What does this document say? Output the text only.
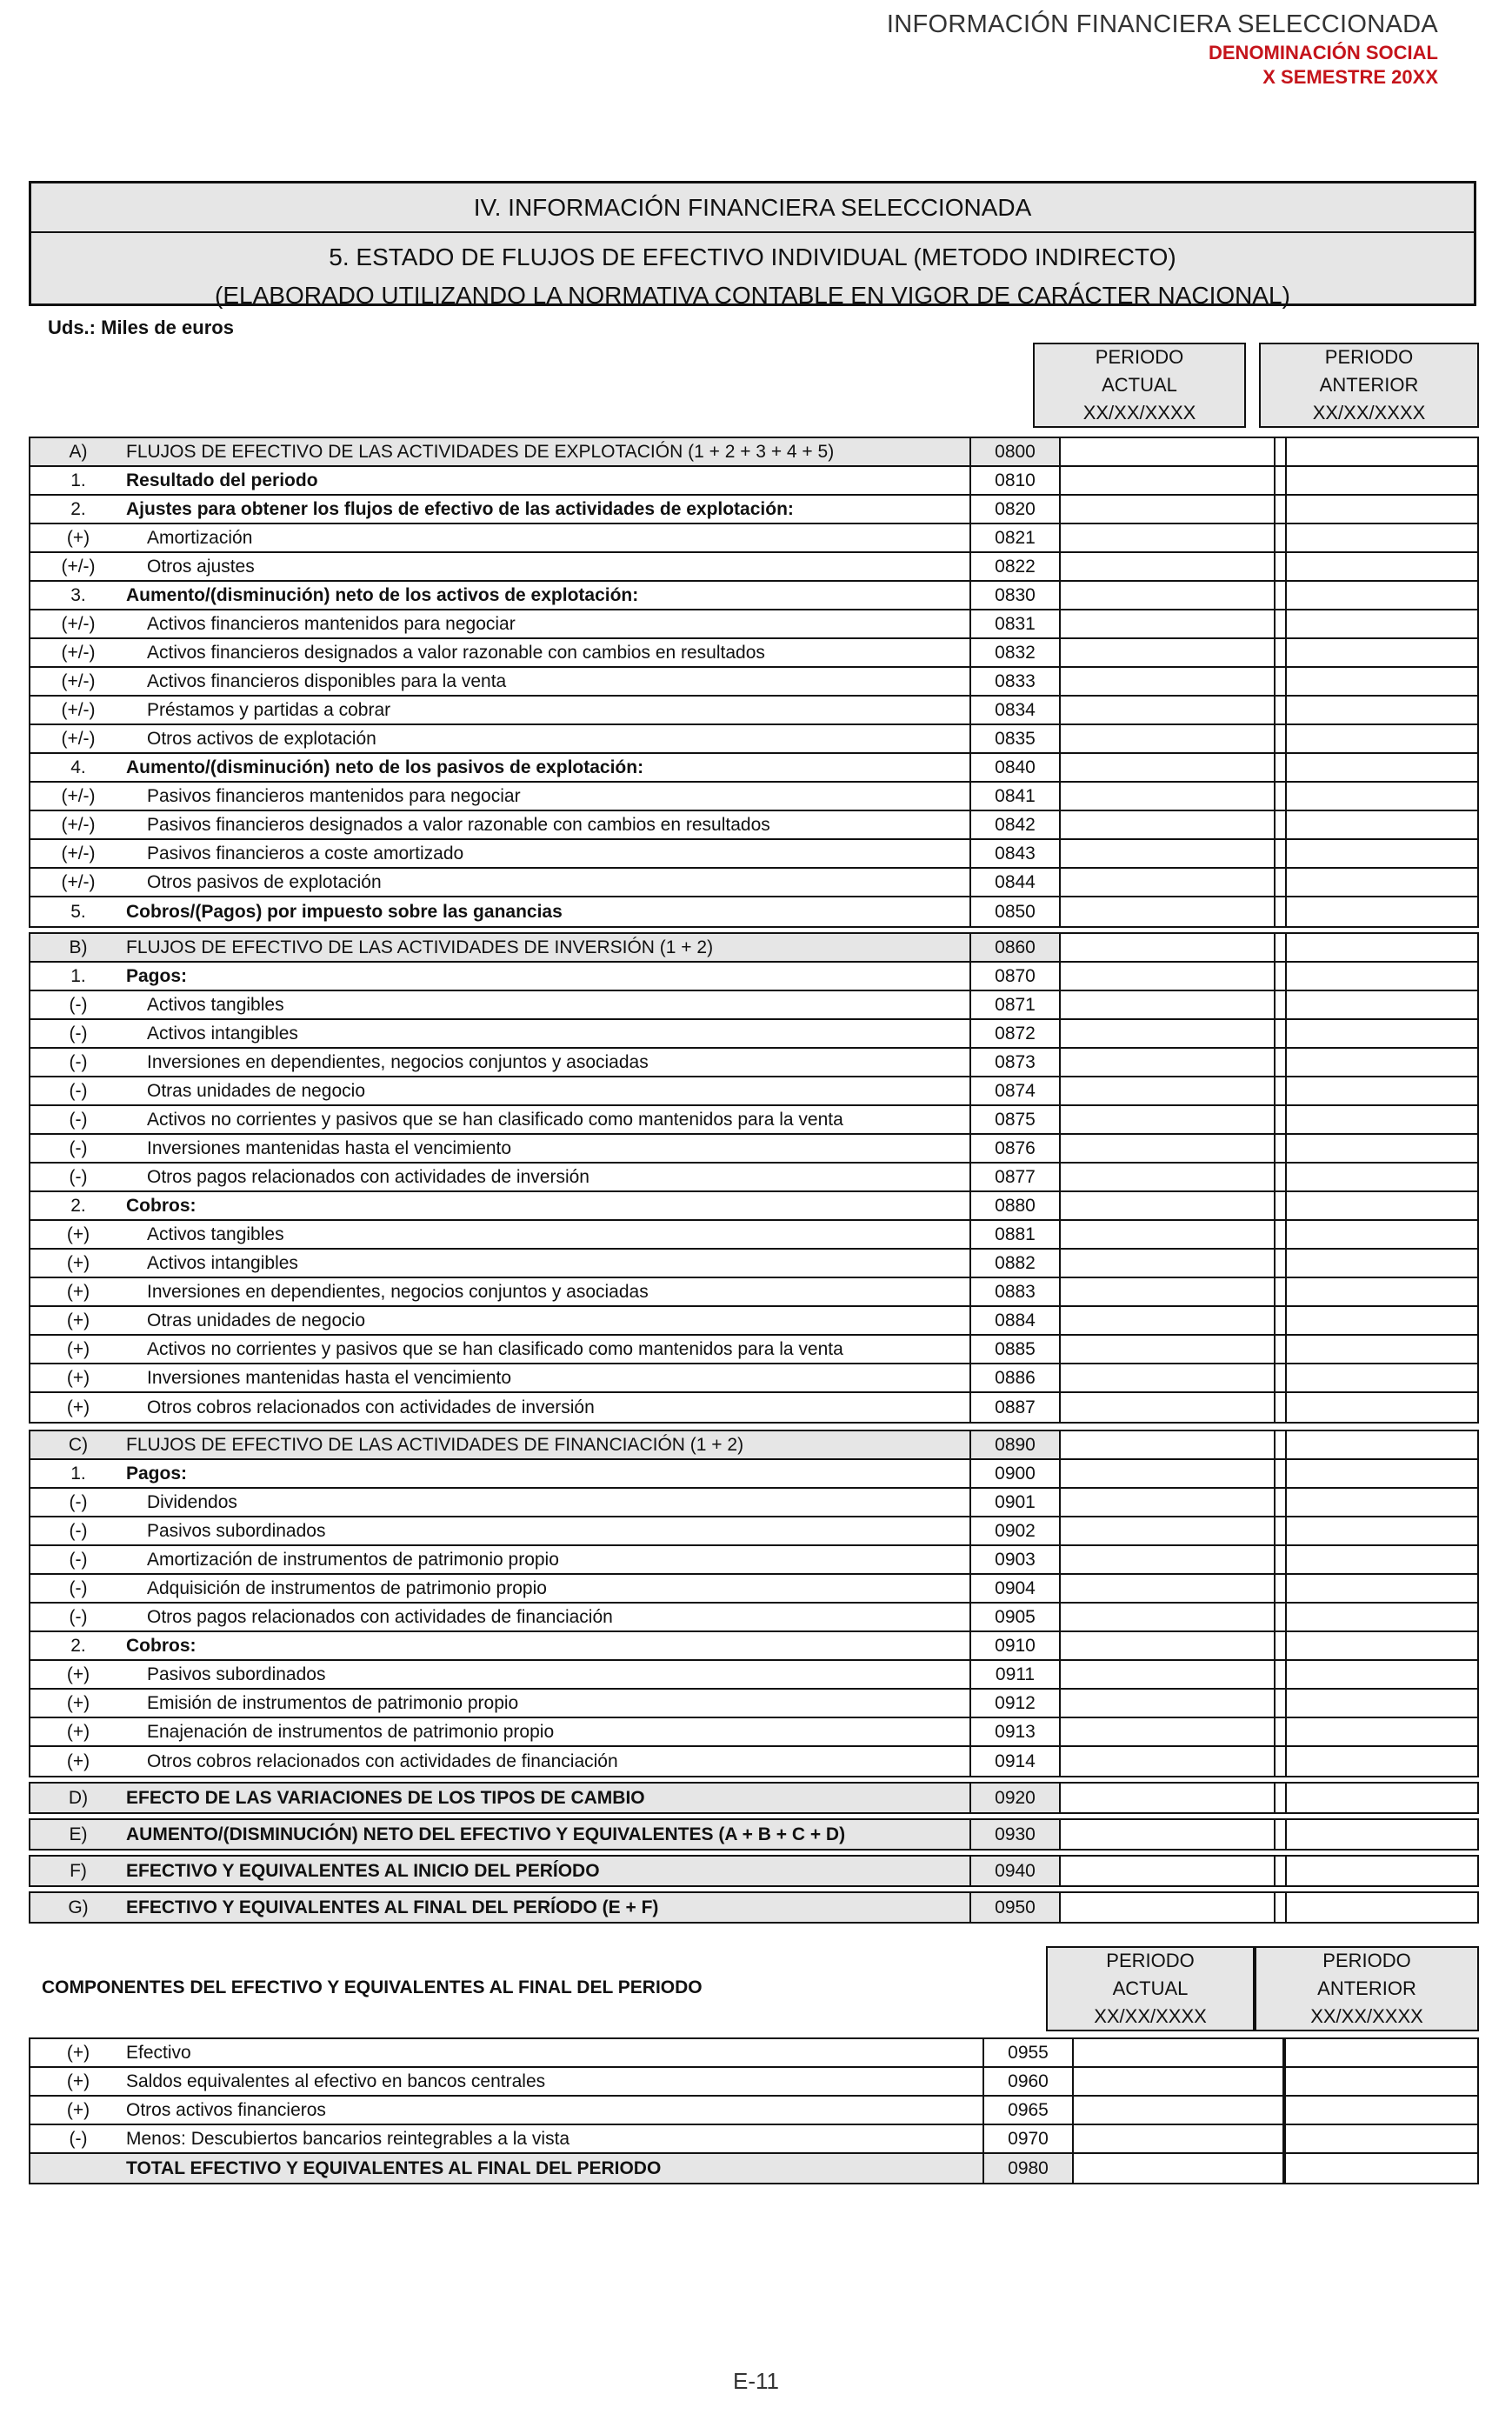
INFORMACIÓN FINANCIERA SELECCIONADA
DENOMINACIÓN SOCIAL
X SEMESTRE 20XX
IV. INFORMACIÓN FINANCIERA SELECCIONADA
5. ESTADO DE FLUJOS DE EFECTIVO INDIVIDUAL (METODO INDIRECTO)
(ELABORADO UTILIZANDO LA NORMATIVA CONTABLE EN VIGOR DE CARÁCTER NACIONAL)
Uds.: Miles de euros
PERIODO
ACTUAL
XX/XX/XXXX
PERIODO
ANTERIOR
XX/XX/XXXX
A)	FLUJOS DE EFECTIVO DE LAS ACTIVIDADES DE EXPLOTACIÓN (1 + 2 + 3 + 4 + 5)	0800
1.	Resultado del periodo	0810
2.	Ajustes para obtener los flujos de efectivo de las actividades de explotación:	0820
(+)	Amortización	0821
(+/-)	Otros ajustes	0822
3.	Aumento/(disminución) neto de los activos de explotación:	0830
(+/-)	Activos financieros mantenidos para negociar	0831
(+/-)	Activos financieros designados a valor razonable con cambios en resultados	0832
(+/-)	Activos financieros disponibles para la venta	0833
(+/-)	Préstamos y partidas a cobrar	0834
(+/-)	Otros activos de explotación	0835
4.	Aumento/(disminución) neto de los pasivos de explotación:	0840
(+/-)	Pasivos financieros mantenidos para negociar	0841
(+/-)	Pasivos financieros designados a valor razonable con cambios en resultados	0842
(+/-)	Pasivos financieros a coste amortizado	0843
(+/-)	Otros pasivos de explotación	0844
5.	Cobros/(Pagos) por impuesto sobre las ganancias	0850
B)	FLUJOS DE EFECTIVO DE LAS ACTIVIDADES DE INVERSIÓN (1 + 2)	0860
1.	Pagos:	0870
(-)	Activos tangibles	0871
(-)	Activos intangibles	0872
(-)	Inversiones en dependientes, negocios conjuntos y asociadas	0873
(-)	Otras unidades de negocio	0874
(-)	Activos no corrientes y pasivos que se han clasificado como mantenidos para la venta	0875
(-)	Inversiones mantenidas hasta el vencimiento	0876
(-)	Otros pagos relacionados con actividades de inversión	0877
2.	Cobros:	0880
(+)	Activos tangibles	0881
(+)	Activos intangibles	0882
(+)	Inversiones en dependientes, negocios conjuntos y asociadas	0883
(+)	Otras unidades de negocio	0884
(+)	Activos no corrientes y pasivos que se han clasificado como mantenidos para la venta	0885
(+)	Inversiones mantenidas hasta el vencimiento	0886
(+)	Otros cobros relacionados con actividades de inversión	0887
C)	FLUJOS DE EFECTIVO DE LAS ACTIVIDADES DE FINANCIACIÓN (1 + 2)	0890
1.	Pagos:	0900
(-)	Dividendos	0901
(-)	Pasivos subordinados	0902
(-)	Amortización de instrumentos de patrimonio propio	0903
(-)	Adquisición de instrumentos de patrimonio propio	0904
(-)	Otros pagos relacionados con actividades de financiación	0905
2.	Cobros:	0910
(+)	Pasivos subordinados	0911
(+)	Emisión de instrumentos de patrimonio propio	0912
(+)	Enajenación de instrumentos de patrimonio propio	0913
(+)	Otros cobros relacionados con actividades de financiación	0914
D)	EFECTO DE LAS VARIACIONES DE LOS TIPOS DE CAMBIO	0920
E)	AUMENTO/(DISMINUCIÓN) NETO DEL EFECTIVO Y EQUIVALENTES (A + B + C + D)	0930
F)	EFECTIVO Y EQUIVALENTES AL INICIO DEL PERÍODO	0940
G)	EFECTIVO Y EQUIVALENTES AL FINAL DEL PERÍODO (E + F)	0950
COMPONENTES DEL EFECTIVO Y EQUIVALENTES AL FINAL DEL PERIODO
PERIODO
ACTUAL
XX/XX/XXXX
PERIODO
ANTERIOR
XX/XX/XXXX
(+)	Efectivo	0955
(+)	Saldos equivalentes al efectivo en bancos centrales	0960
(+)	Otros activos financieros	0965
(-)	Menos: Descubiertos bancarios reintegrables a la vista	0970
TOTAL EFECTIVO Y EQUIVALENTES AL FINAL DEL PERIODO	0980
E-11
